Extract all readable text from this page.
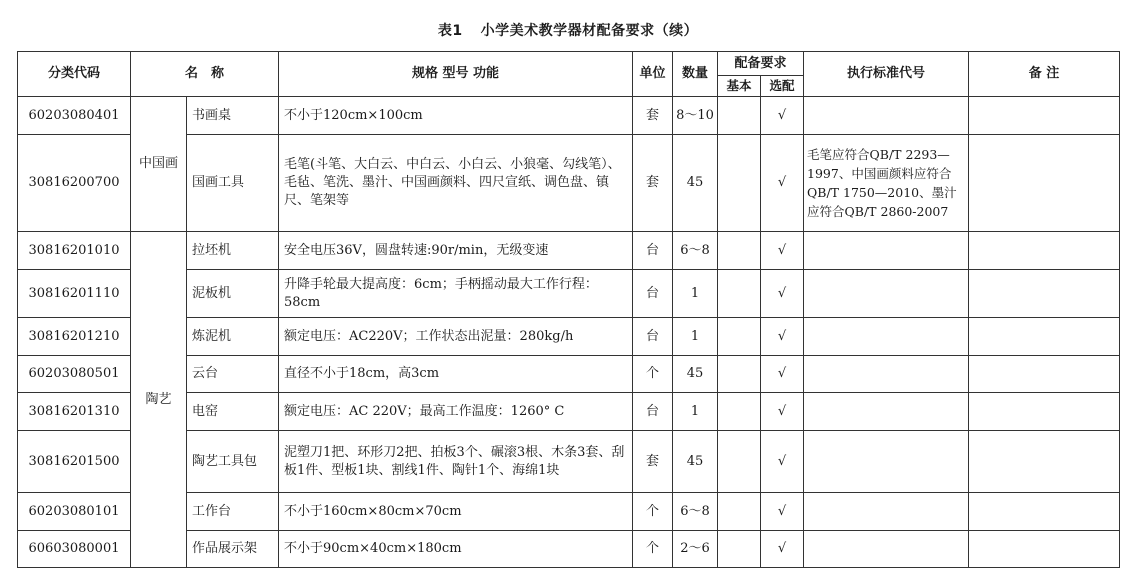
表1 小学美术教学器材配备要求（续）
分类代码	名　称		规格 型号 功能	单位	数量	配备要求		执行标准代号	备 注
						基本	选配		
60203080401	中国画	书画桌	不小于120cm×100cm	套	8～10		√		
30816200700		国画工具	毛笔(斗笔、大白云、中白云、小白云、小狼毫、勾线笔）、毛毡、笔洗、墨汁、中国画颜料、四尺宣纸、调色盘、镇尺、笔架等	套	45		√	毛笔应符合QB/T 2293—1997、中国画颜料应符合QB/T 1750—2010、墨汁应符合QB/T 2860-2007	
30816201010	陶艺	拉坯机	安全电压36V，圆盘转速:90r/min，无级变速	台	6～8		√		
30816201110		泥板机	升降手轮最大提高度：6cm；手柄摇动最大工作行程：58cm	台	1		√		
30816201210		炼泥机	额定电压：AC220V；工作状态出泥量：280kg/h	台	1		√		
60203080501		云台	直径不小于18cm，高3cm	个	45		√		
30816201310		电窑	额定电压：AC 220V；最高工作温度：1260° C	台	1		√		
30816201500		陶艺工具包	泥塑刀1把、环形刀2把、拍板3个、碾滚3根、木条3套、刮板1件、型板1块、割线1件、陶针1个、海绵1块	套	45		√		
60203080101		工作台	不小于160cm×80cm×70cm	个	6～8		√		
60603080001		作品展示架	不小于90cm×40cm×180cm	个	2～6		√		
